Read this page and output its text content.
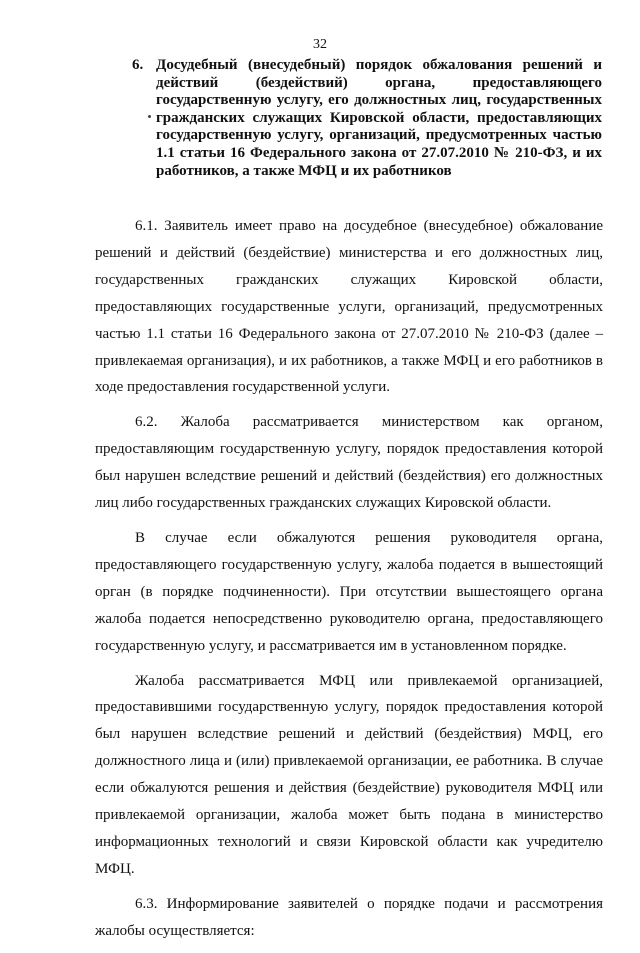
32
6. Досудебный (внесудебный) порядок обжалования решений и действий (бездействий) органа, предоставляющего государственную услугу, его должностных лиц, государственных гражданских служащих Кировской области, предоставляющих государственную услугу, организаций, предусмотренных частью 1.1 статьи 16 Федерального закона от 27.07.2010 № 210-ФЗ, и их работников, а также МФЦ и их работников

6.1. Заявитель имеет право на досудебное (внесудебное) обжалование решений и действий (бездействие) министерства и его должностных лиц, государственных гражданских служащих Кировской области, предоставляющих государственные услуги, организаций, предусмотренных частью 1.1 статьи 16 Федерального закона от 27.07.2010 № 210-ФЗ (далее – привлекаемая организация), и их работников, а также МФЦ и его работников в ходе предоставления государственной услуги.

6.2. Жалоба рассматривается министерством как органом, предоставляющим государственную услугу, порядок предоставления которой был нарушен вследствие решений и действий (бездействия) его должностных лиц либо государственных гражданских служащих Кировской области.

В случае если обжалуются решения руководителя органа, предоставляющего государственную услугу, жалоба подается в вышестоящий орган (в порядке подчиненности). При отсутствии вышестоящего органа жалоба подается непосредственно руководителю органа, предоставляющего государственную услугу, и рассматривается им в установленном порядке.

Жалоба рассматривается МФЦ или привлекаемой организацией, предоставившими государственную услугу, порядок предоставления которой был нарушен вследствие решений и действий (бездействия) МФЦ, его должностного лица и (или) привлекаемой организации, ее работника. В случае если обжалуются решения и действия (бездействие) руководителя МФЦ или привлекаемой организации, жалоба может быть подана в министерство информационных технологий и связи Кировской области как учредителю МФЦ.

6.3. Информирование заявителей о порядке подачи и рассмотрения жалобы осуществляется:
